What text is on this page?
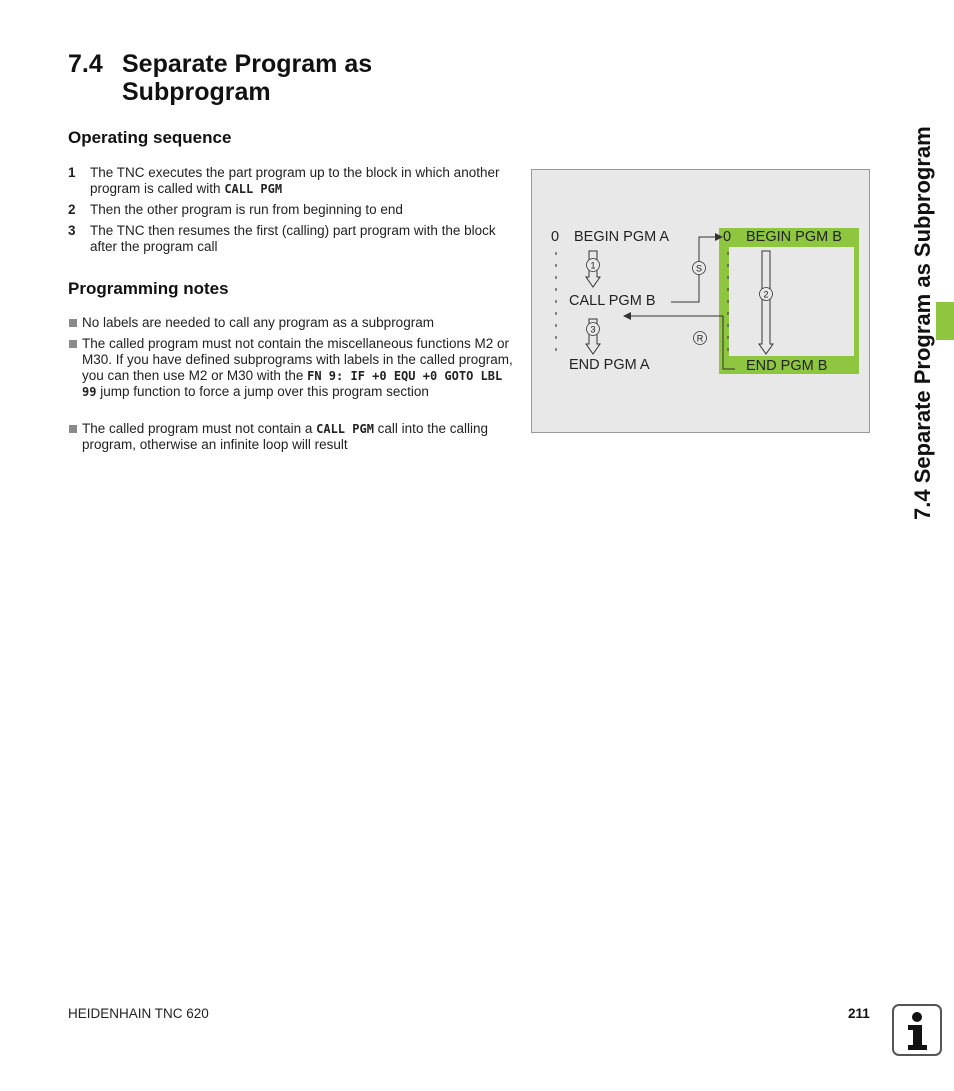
7.4 Separate Program as Subprogram
Operating sequence
1	The TNC executes the part program up to the block in which another program is called with CALL PGM
2	Then the other program is run from beginning to end
3	The TNC then resumes the first (calling) part program with the block after the program call
Programming notes
No labels are needed to call any program as a subprogram
The called program must not contain the miscellaneous functions M2 or M30. If you have defined subprograms with labels in the called program, you can then use M2 or M30 with the FN 9: IF +0 EQU +0 GOTO LBL 99 jump function to force a jump over this program section
The called program must not contain a CALL PGM call into the calling program, otherwise an infinite loop will result
1
3
2
S
R
0 BEGIN PGM A
CALL PGM B
END PGM A
0 BEGIN PGM B
END PGM B	7.4 Separate Program as Subprogram
HEIDENHAIN TNC 620	211
